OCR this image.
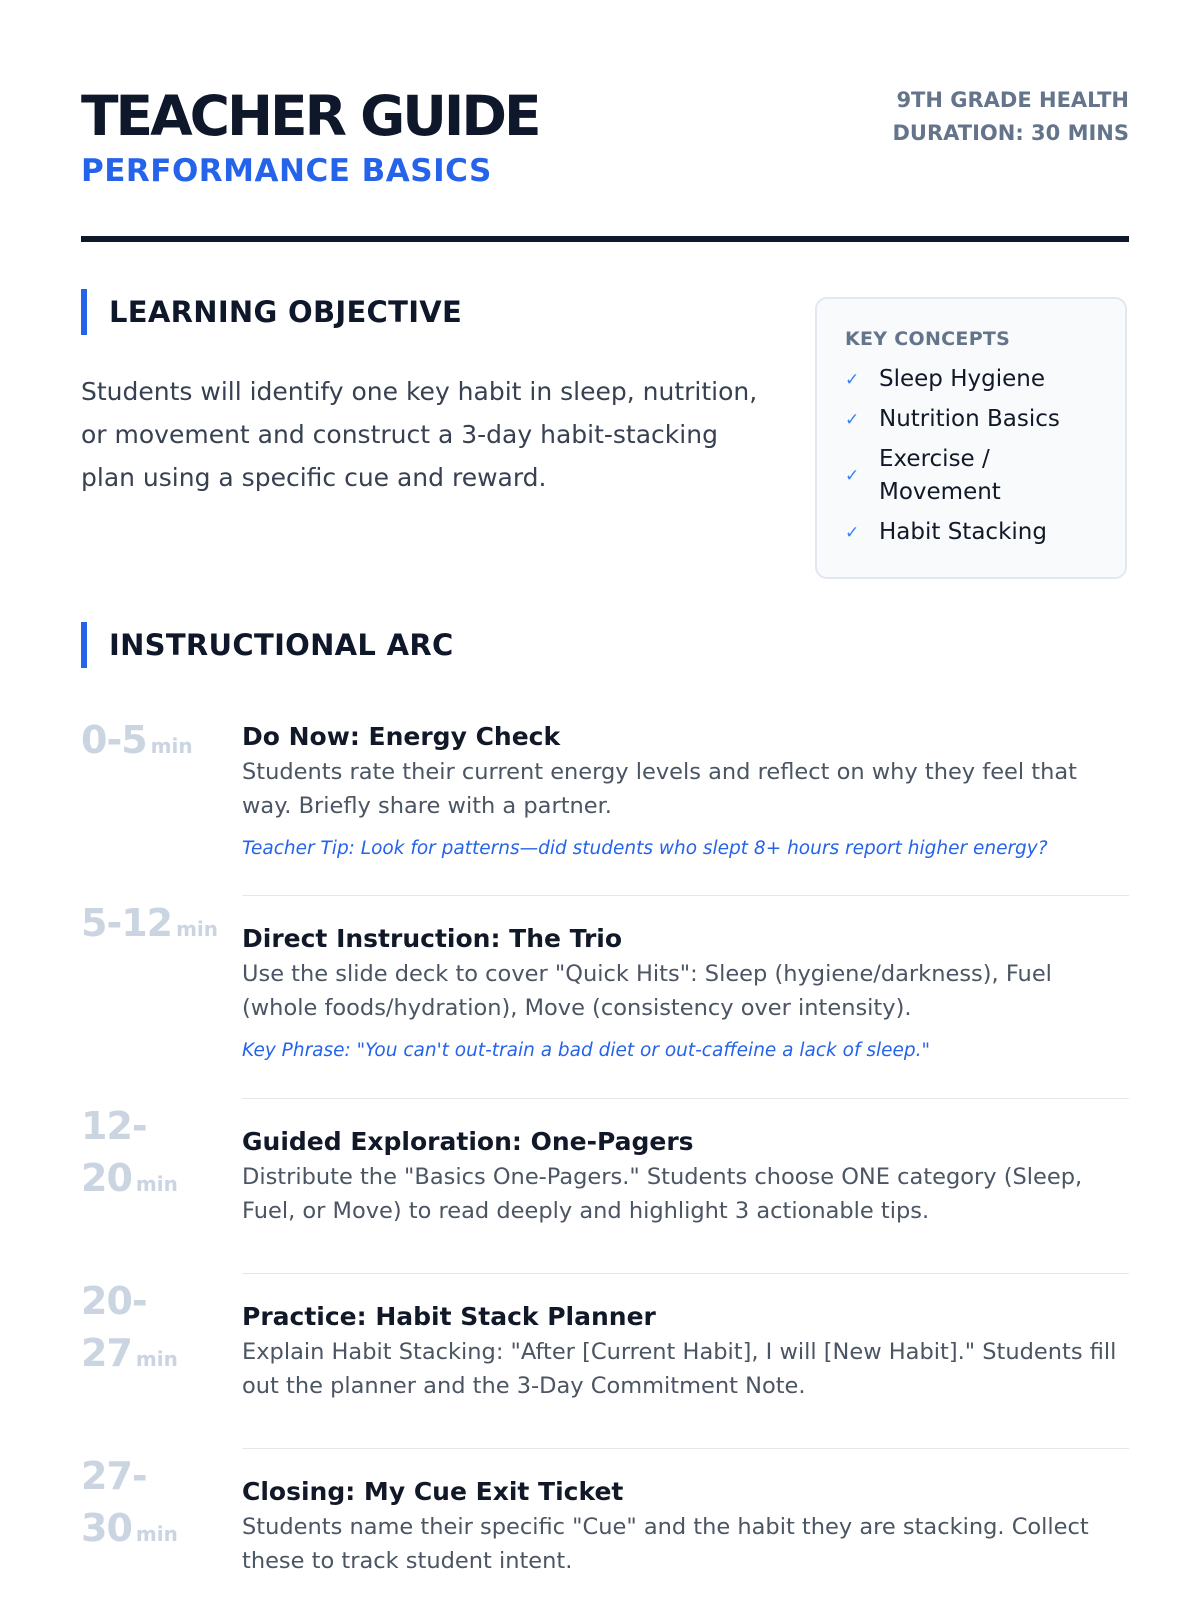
TEACHER GUIDE
PERFORMANCE BASICS
9TH GRADE HEALTH
DURATION: 30 MINS
LEARNING OBJECTIVE

Students will identify one key habit in sleep, nutrition, or movement and construct a 3-day habit-stacking plan using a specific cue and reward.

KEY CONCEPTS
✓ Sleep Hygiene
✓ Nutrition Basics
✓
Exercise / Movement
✓ Habit Stacking
INSTRUCTIONAL ARC
0-5 min	Do Now: Energy Check
Students rate their current energy levels and reflect on why they feel that way. Briefly share with a partner.
Teacher Tip: Look for patterns—did students who slept 8+ hours report higher energy?
5-12 min Direct Instruction: The Trio
Use the slide deck to cover "Quick Hits": Sleep (hygiene/darkness), Fuel (whole foods/hydration), Move (consistency over intensity).
Key Phrase: "You can't out-train a bad diet or out-caffeine a lack of sleep."
12-
20 min
Guided Exploration: One-Pagers
Distribute the "Basics One-Pagers." Students choose ONE category (Sleep, Fuel, or Move) to read deeply and highlight 3 actionable tips.
20-
27 min
Practice: Habit Stack Planner
Explain Habit Stacking: "After [Current Habit], I will [New Habit]." Students fill out the planner and the 3-Day Commitment Note.
27-
30 min
Closing: My Cue Exit Ticket
Students name their specific "Cue" and the habit they are stacking. Collect these to track student intent.
